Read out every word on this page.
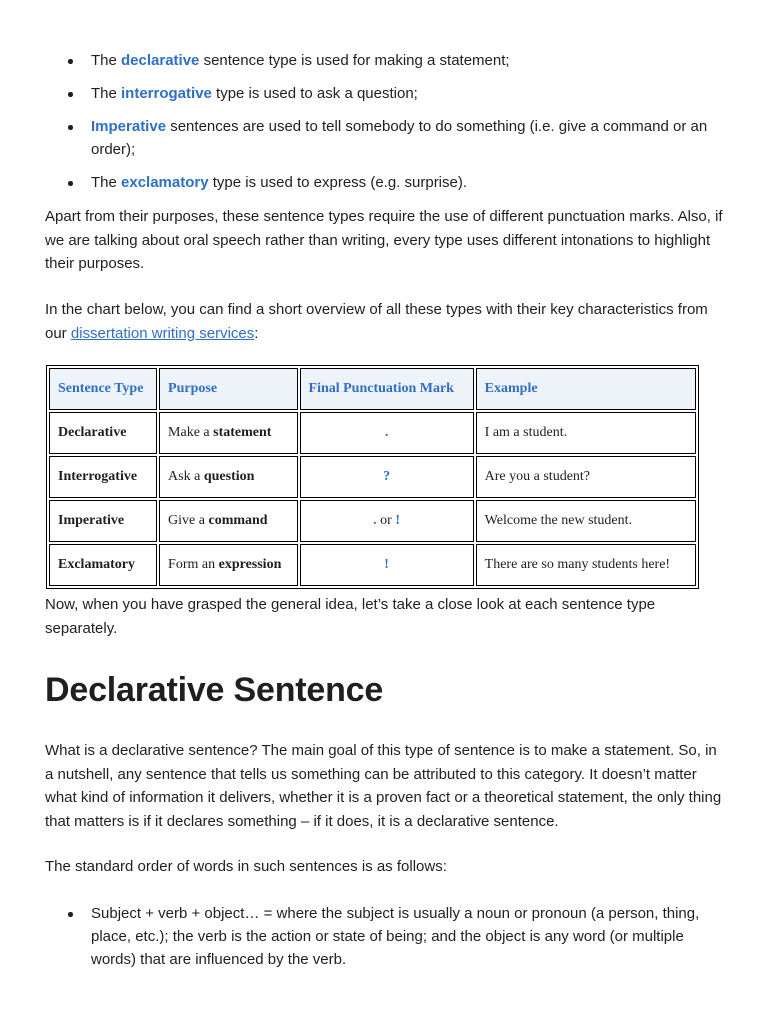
The declarative sentence type is used for making a statement;
The interrogative type is used to ask a question;
Imperative sentences are used to tell somebody to do something (i.e. give a command or an order);
The exclamatory type is used to express (e.g. surprise).

Apart from their purposes, these sentence types require the use of different punctuation marks. Also, if we are talking about oral speech rather than writing, every type uses different intonations to highlight their purposes.

In the chart below, you can find a short overview of all these types with their key characteristics from our dissertation writing services:

Sentence Type	Purpose	Final Punctuation Mark	Example
Declarative	Make a statement	.	I am a student.
Interrogative	Ask a question	?	Are you a student?
Imperative	Give a command	. or !	Welcome the new student.
Exclamatory	Form an expression	!	There are so many students here!

Now, when you have grasped the general idea, let’s take a close look at each sentence type separately.

Declarative Sentence

What is a declarative sentence? The main goal of this type of sentence is to make a statement. So, in a nutshell, any sentence that tells us something can be attributed to this category. It doesn’t matter what kind of information it delivers, whether it is a proven fact or a theoretical statement, the only thing that matters is if it declares something – if it does, it is a declarative sentence.

The standard order of words in such sentences is as follows:

Subject + verb + object… = where the subject is usually a noun or pronoun (a person, thing, place, etc.); the verb is the action or state of being; and the object is any word (or multiple words) that are influenced by the verb.
